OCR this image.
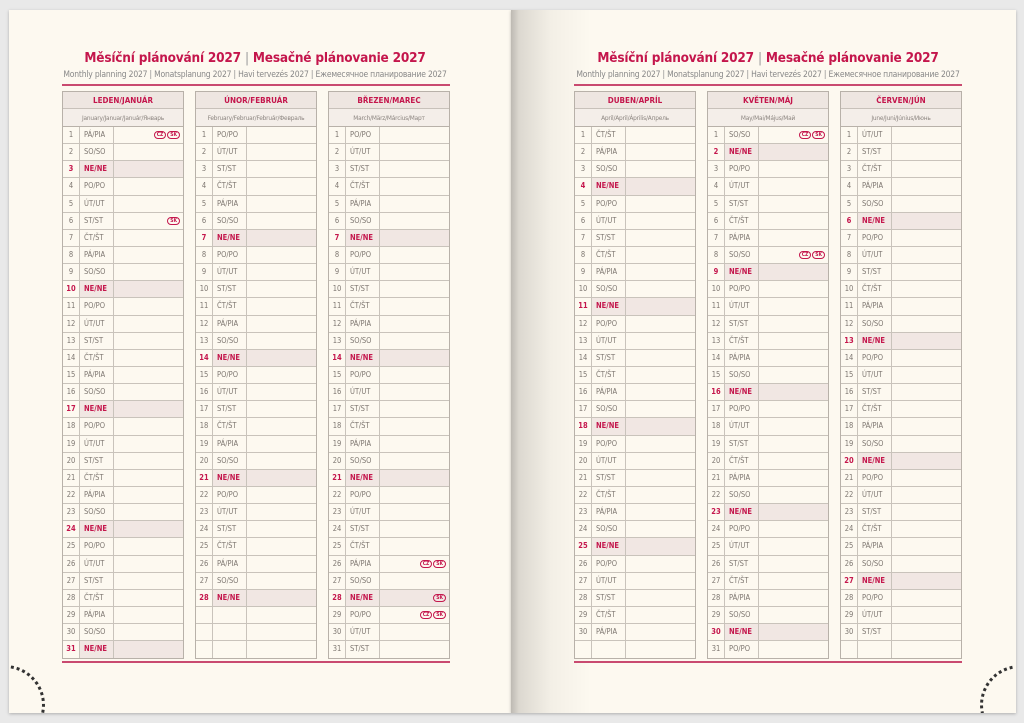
Měsíční plánování 2027 | Mesačné plánovanie 2027
Monthly planning 2027 | Monatsplanung 2027 | Havi tervezés 2027 | Ежемесячное планирование 2027
Měsíční plánování 2027 | Mesačné plánovanie 2027
Monthly planning 2027 | Monatsplanung 2027 | Havi tervezés 2027 | Ежемесячное планирование 2027
LEDEN/JANUÁR
January/Januar/Január/Январь
1	PÁ/PIA	CZ	SK
2	SO/SO
3	NE/NE
4	PO/PO
5	ÚT/UT
6	ST/ST	SK
7	ČT/ŠT
8	PÁ/PIA
9	SO/SO
10	NE/NE
11	PO/PO
12	ÚT/UT
13	ST/ST
14	ČT/ŠT
15	PÁ/PIA
16	SO/SO
17	NE/NE
18	PO/PO
19	ÚT/UT
20	ST/ST
21	ČT/ŠT
22	PÁ/PIA
23	SO/SO
24	NE/NE
25	PO/PO
26	ÚT/UT
27	ST/ST
28	ČT/ŠT
29	PÁ/PIA
30	SO/SO
31	NE/NE
ÚNOR/FEBRUÁR
February/Februar/Február/Февраль
1	PO/PO
2	ÚT/UT
3	ST/ST
4	ČT/ŠT
5	PÁ/PIA
6	SO/SO
7	NE/NE
8	PO/PO
9	ÚT/UT
10	ST/ST
11	ČT/ŠT
12	PÁ/PIA
13	SO/SO
14	NE/NE
15	PO/PO
16	ÚT/UT
17	ST/ST
18	ČT/ŠT
19	PÁ/PIA
20	SO/SO
21	NE/NE
22	PO/PO
23	ÚT/UT
24	ST/ST
25	ČT/ŠT
26	PÁ/PIA
27	SO/SO
28	NE/NE
BŘEZEN/MAREC
March/März/Március/Март
1	PO/PO
2	ÚT/UT
3	ST/ST
4	ČT/ŠT
5	PÁ/PIA
6	SO/SO
7	NE/NE
8	PO/PO
9	ÚT/UT
10	ST/ST
11	ČT/ŠT
12	PÁ/PIA
13	SO/SO
14	NE/NE
15	PO/PO
16	ÚT/UT
17	ST/ST
18	ČT/ŠT
19	PÁ/PIA
20	SO/SO
21	NE/NE
22	PO/PO
23	ÚT/UT
24	ST/ST
25	ČT/ŠT
26	PÁ/PIA	CZ	SK
27	SO/SO
28	NE/NE	SK
29	PO/PO	CZ	SK
30	ÚT/UT
31	ST/ST
DUBEN/APRÍL
April/April/Április/Апрель
1	ČT/ŠT
2	PÁ/PIA
3	SO/SO
4	NE/NE
5	PO/PO
6	ÚT/UT
7	ST/ST
8	ČT/ŠT
9	PÁ/PIA
10	SO/SO
11	NE/NE
12	PO/PO
13	ÚT/UT
14	ST/ST
15	ČT/ŠT
16	PÁ/PIA
17	SO/SO
18	NE/NE
19	PO/PO
20	ÚT/UT
21	ST/ST
22	ČT/ŠT
23	PÁ/PIA
24	SO/SO
25	NE/NE
26	PO/PO
27	ÚT/UT
28	ST/ST
29	ČT/ŠT
30	PÁ/PIA
KVĚTEN/MÁJ
May/Mai/Május/Май
1	SO/SO	CZ	SK
2	NE/NE
3	PO/PO
4	ÚT/UT
5	ST/ST
6	ČT/ŠT
7	PÁ/PIA
8	SO/SO	CZ	SK
9	NE/NE
10	PO/PO
11	ÚT/UT
12	ST/ST
13	ČT/ŠT
14	PÁ/PIA
15	SO/SO
16	NE/NE
17	PO/PO
18	ÚT/UT
19	ST/ST
20	ČT/ŠT
21	PÁ/PIA
22	SO/SO
23	NE/NE
24	PO/PO
25	ÚT/UT
26	ST/ST
27	ČT/ŠT
28	PÁ/PIA
29	SO/SO
30	NE/NE
31	PO/PO
ČERVEN/JÚN
June/Juni/Június/Июнь
1	ÚT/UT
2	ST/ST
3	ČT/ŠT
4	PÁ/PIA
5	SO/SO
6	NE/NE
7	PO/PO
8	ÚT/UT
9	ST/ST
10	ČT/ŠT
11	PÁ/PIA
12	SO/SO
13	NE/NE
14	PO/PO
15	ÚT/UT
16	ST/ST
17	ČT/ŠT
18	PÁ/PIA
19	SO/SO
20	NE/NE
21	PO/PO
22	ÚT/UT
23	ST/ST
24	ČT/ŠT
25	PÁ/PIA
26	SO/SO
27	NE/NE
28	PO/PO
29	ÚT/UT
30	ST/ST
